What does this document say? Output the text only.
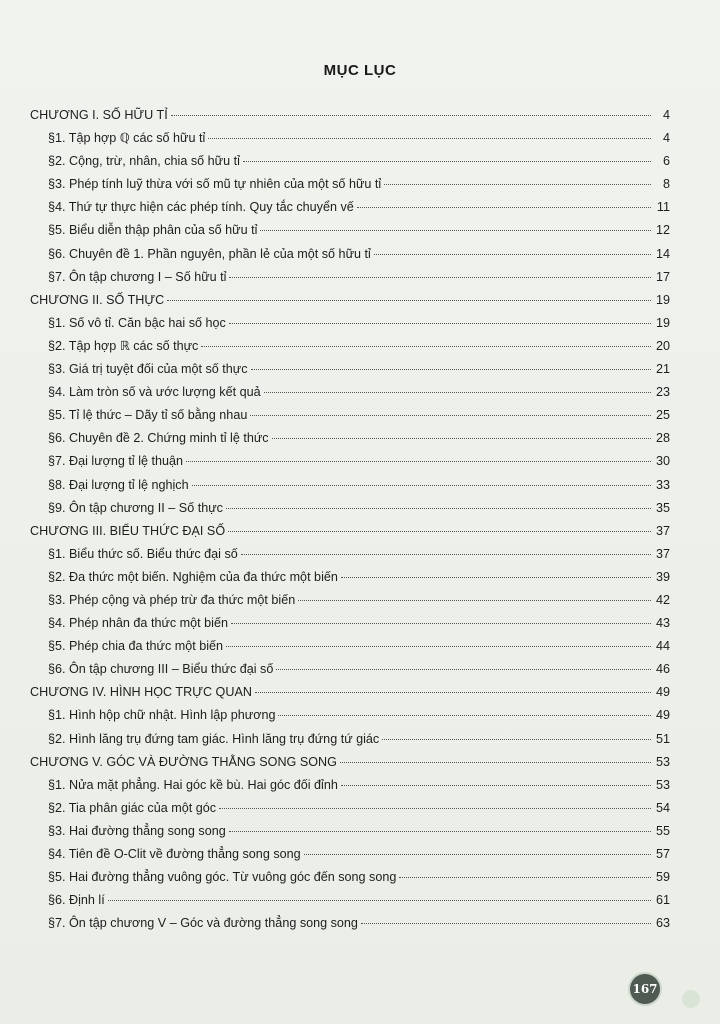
MỤC LỤC
CHƯƠNG I. SỐ HỮU TỈ	4
§1. Tập hợp ℚ các số hữu tỉ	4
§2. Cộng, trừ, nhân, chia số hữu tỉ	6
§3. Phép tính luỹ thừa với số mũ tự nhiên của một số hữu tỉ	8
§4. Thứ tự thực hiện các phép tính. Quy tắc chuyển vế	11
§5. Biểu diễn thập phân của số hữu tỉ	12
§6. Chuyên đề 1. Phần nguyên, phần lẻ của một số hữu tỉ	14
§7. Ôn tập chương I – Số hữu tỉ	17
CHƯƠNG II. SỐ THỰC	19
§1. Số vô tỉ. Căn bậc hai số học	19
§2. Tập hợp ℝ các số thực	20
§3. Giá trị tuyệt đối của một số thực	21
§4. Làm tròn số và ước lượng kết quả	23
§5. Tỉ lệ thức – Dãy tỉ số bằng nhau	25
§6. Chuyên đề 2. Chứng minh tỉ lệ thức	28
§7. Đại lượng tỉ lệ thuận	30
§8. Đại lượng tỉ lệ nghịch	33
§9. Ôn tập chương II – Số thực	35
CHƯƠNG III. BIỂU THỨC ĐẠI SỐ	37
§1. Biểu thức số. Biểu thức đại số	37
§2. Đa thức một biến. Nghiệm của đa thức một biến	39
§3. Phép cộng và phép trừ đa thức một biến	42
§4. Phép nhân đa thức một biến	43
§5. Phép chia đa thức một biến	44
§6. Ôn tập chương III – Biểu thức đại số	46
CHƯƠNG IV. HÌNH HỌC TRỰC QUAN	49
§1. Hình hộp chữ nhật. Hình lập phương	49
§2. Hình lăng trụ đứng tam giác. Hình lăng trụ đứng tứ giác	51
CHƯƠNG V. GÓC VÀ ĐƯỜNG THẲNG SONG SONG	53
§1. Nửa mặt phẳng. Hai góc kề bù. Hai góc đối đỉnh	53
§2. Tia phân giác của một góc	54
§3. Hai đường thẳng song song	55
§4. Tiên đề O-Clit về đường thẳng song song	57
§5. Hai đường thẳng vuông góc. Từ vuông góc đến song song	59
§6. Định lí	61
§7. Ôn tập chương V – Góc và đường thẳng song song	63
167
